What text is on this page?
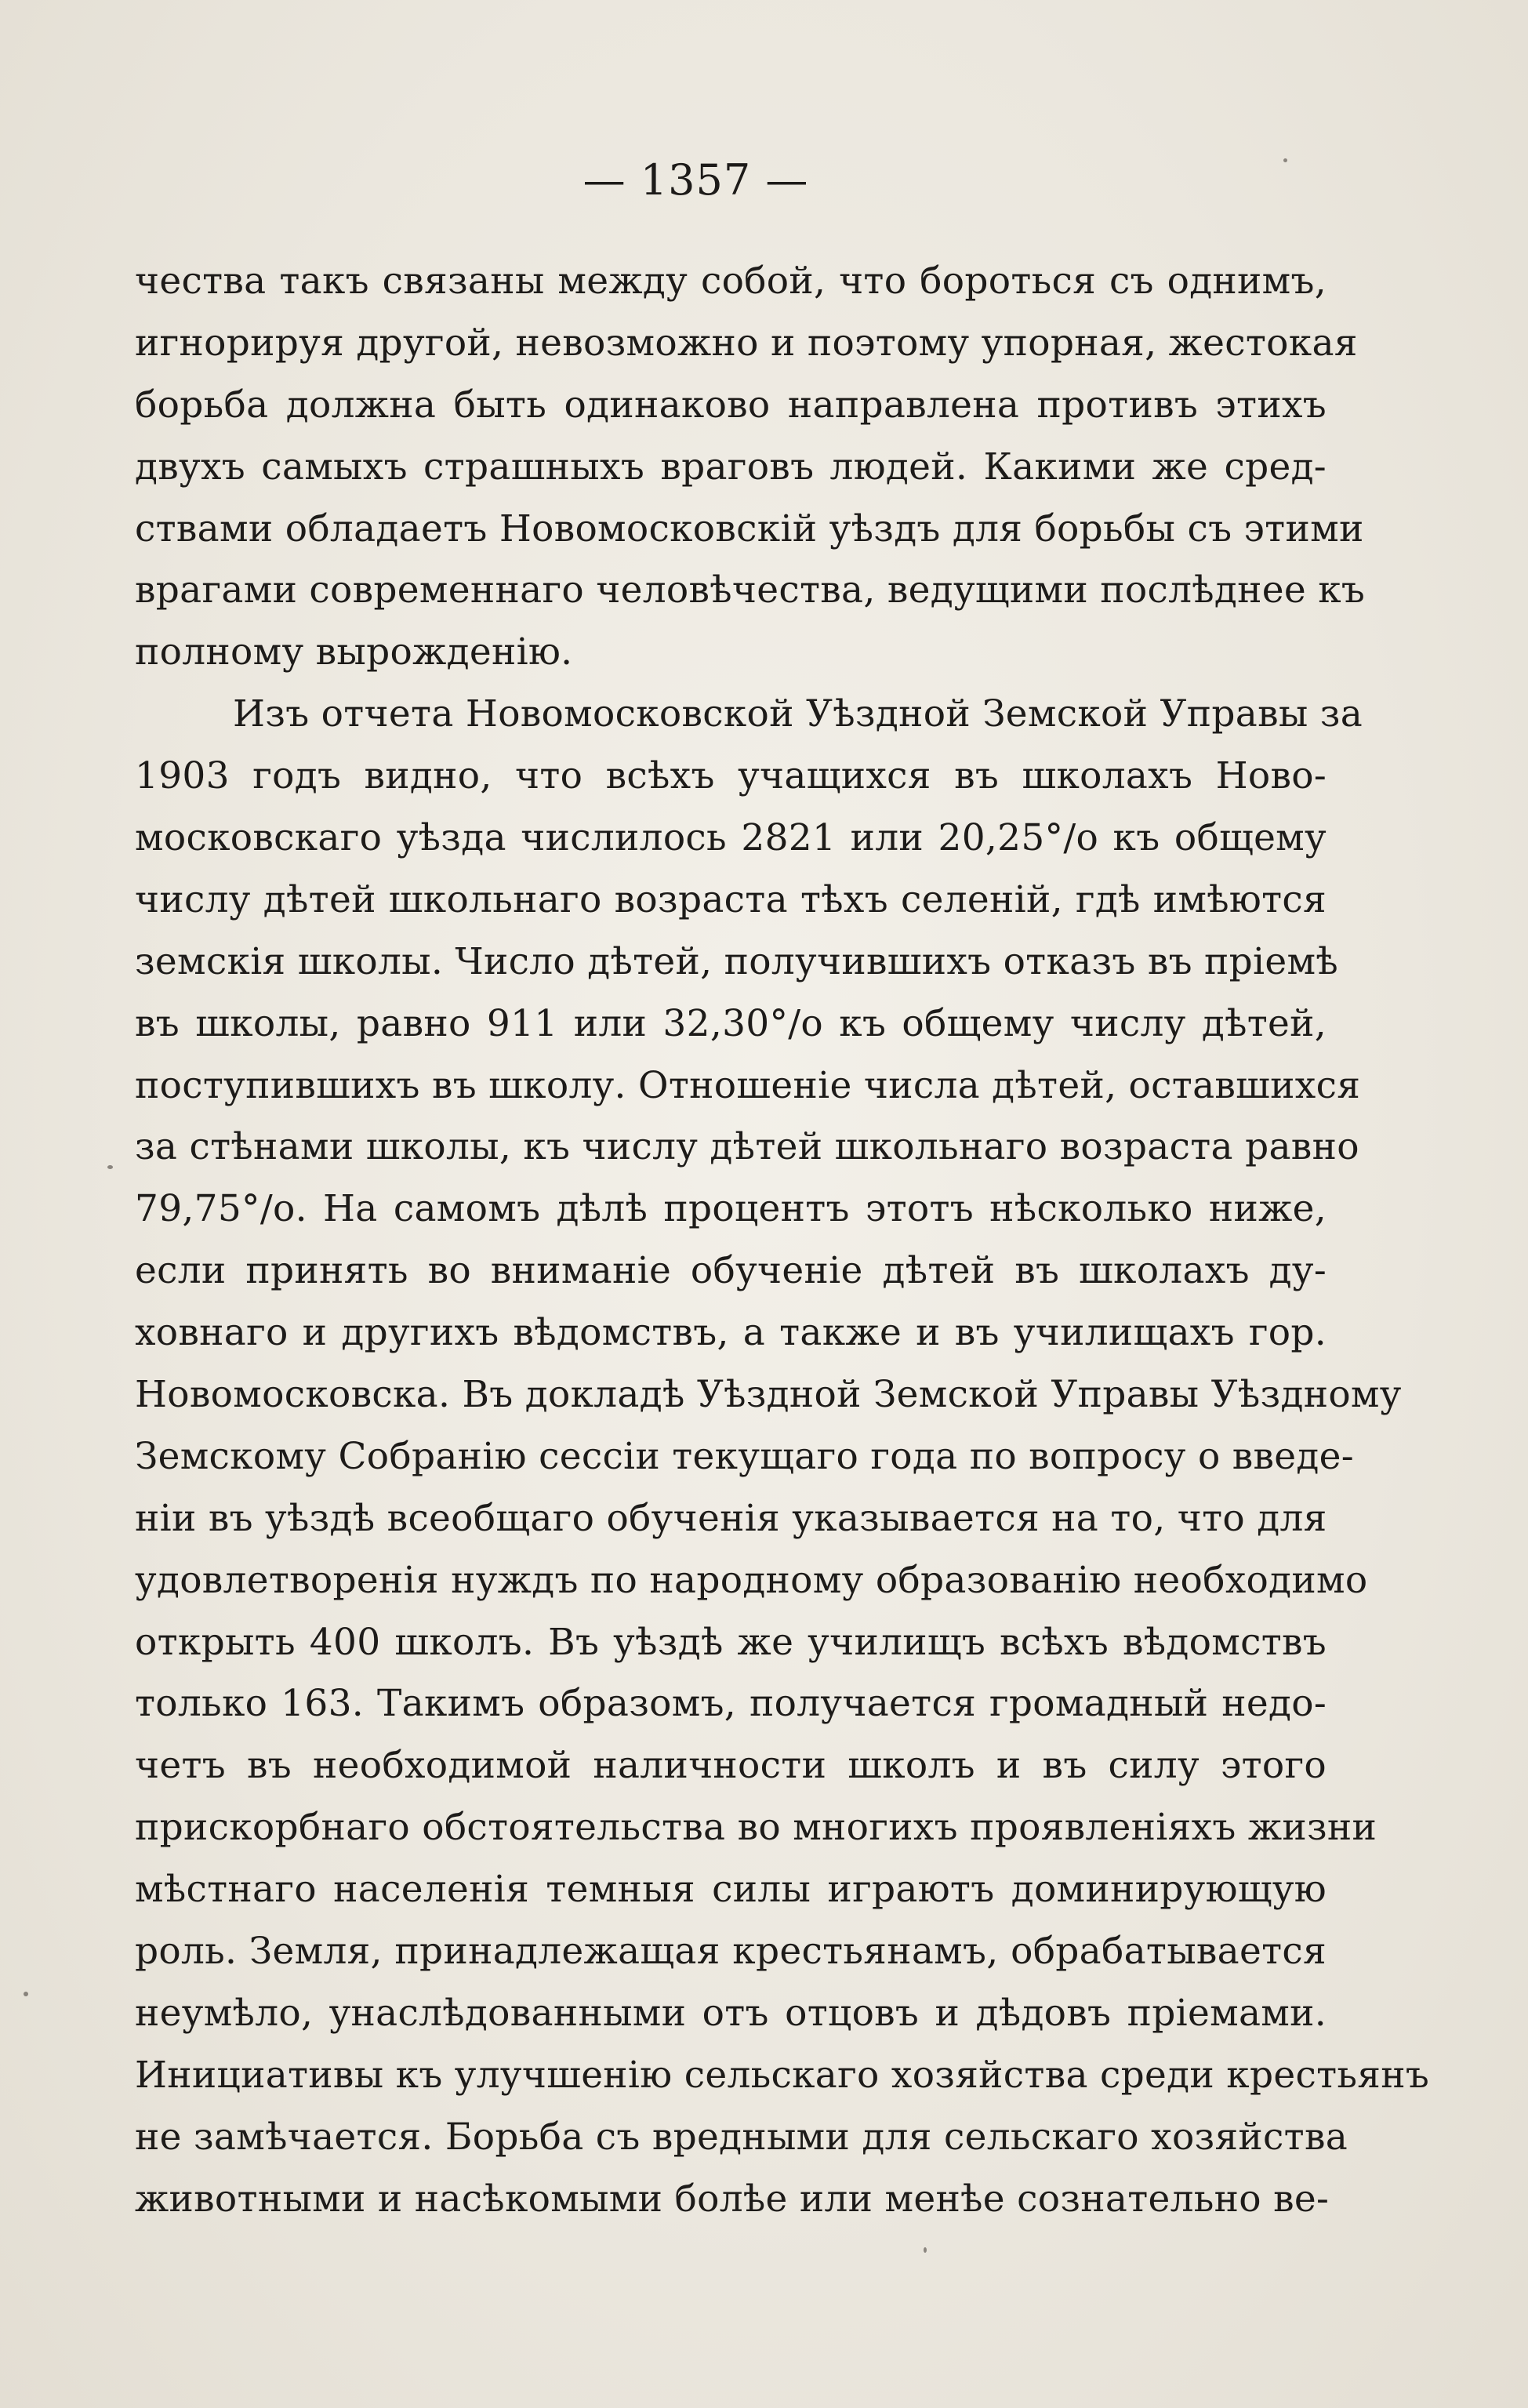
— 1357 —
чества такъ связаны между собой, что бороться съ однимъ,
игнорируя другой, невозможно и поэтому упорная, жестокая
борьба должна быть одинаково направлена противъ этихъ
двухъ самыхъ страшныхъ враговъ людей. Какими же сред-
ствами обладаетъ Новомосковскій уѣздъ для борьбы съ этими
врагами современнаго человѣчества, ведущими послѣднее къ
полному вырожденію.
Изъ отчета Новомосковской Уѣздной Земской Управы за
1903 годъ видно, что всѣхъ учащихся въ школахъ Ново-
московскаго уѣзда числилось 2821 или 20,25°/о къ общему
числу дѣтей школьнаго возраста тѣхъ селеній, гдѣ имѣются
земскія школы. Число дѣтей, получившихъ отказъ въ пріемѣ
въ школы, равно 911 или 32,30°/о къ общему числу дѣтей,
поступившихъ въ школу. Отношеніе числа дѣтей, оставшихся
за стѣнами школы, къ числу дѣтей школьнаго возраста равно
79,75°/о. На самомъ дѣлѣ процентъ этотъ нѣсколько ниже,
если принять во вниманіе обученіе дѣтей въ школахъ ду-
ховнаго и другихъ вѣдомствъ, а также и въ училищахъ гор.
Новомосковска. Въ докладѣ Уѣздной Земской Управы Уѣздному
Земскому Собранію сессіи текущаго года по вопросу о введе-
ніи въ уѣздѣ всеобщаго обученія указывается на то, что для
удовлетворенія нуждъ по народному образованію необходимо
открыть 400 школъ. Въ уѣздѣ же училищъ всѣхъ вѣдомствъ
только 163. Такимъ образомъ, получается громадный недо-
четъ въ необходимой наличности школъ и въ силу этого
прискорбнаго обстоятельства во многихъ проявленіяхъ жизни
мѣстнаго населенія темныя силы играютъ доминирующую
роль. Земля, принадлежащая крестьянамъ, обрабатывается
неумѣло, унаслѣдованными отъ отцовъ и дѣдовъ пріемами.
Инициативы къ улучшенію сельскаго хозяйства среди крестьянъ
не замѣчается. Борьба съ вредными для сельскаго хозяйства
животными и насѣкомыми болѣе или менѣе сознательно ве-
